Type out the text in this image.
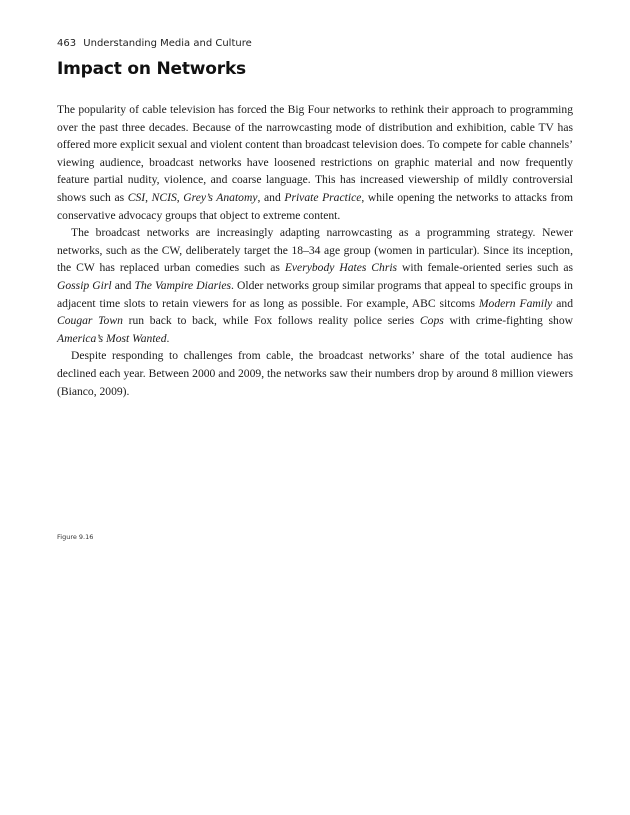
463 Understanding Media and Culture
Impact on Networks

The popularity of cable television has forced the Big Four networks to rethink their approach to programming over the past three decades. Because of the narrowcasting mode of distribution and exhibition, cable TV has offered more explicit sexual and violent content than broadcast television does. To compete for cable channels’ viewing audience, broadcast networks have loosened restrictions on graphic material and now frequently feature partial nudity, violence, and coarse language. This has increased viewership of mildly controversial shows such as CSI, NCIS, Grey’s Anatomy, and Private Practice, while opening the networks to attacks from conservative advocacy groups that object to extreme content.

The broadcast networks are increasingly adapting narrowcasting as a programming strategy. Newer networks, such as the CW, deliberately target the 18–34 age group (women in particular). Since its inception, the CW has replaced urban comedies such as Everybody Hates Chris with female-oriented series such as Gossip Girl and The Vampire Diaries. Older networks group similar programs that appeal to specific groups in adjacent time slots to retain viewers for as long as possible. For example, ABC sitcoms Modern Family and Cougar Town run back to back, while Fox follows reality police series Cops with crime-fighting show America’s Most Wanted.

Despite responding to challenges from cable, the broadcast networks’ share of the total audience has declined each year. Between 2000 and 2009, the networks saw their numbers drop by around 8 million viewers (Bianco, 2009).

Figure 9.16
